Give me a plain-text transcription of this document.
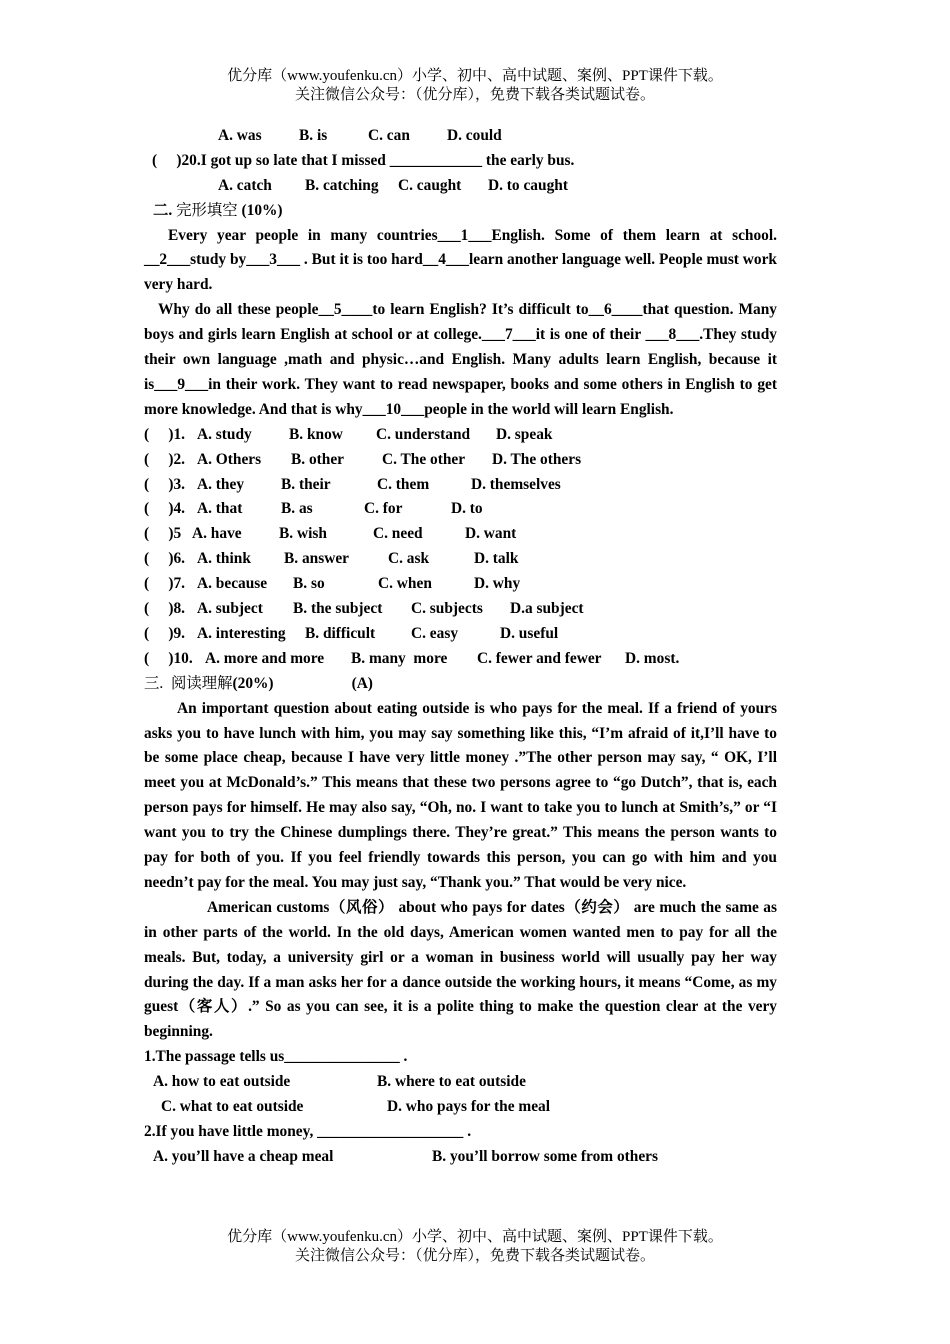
优分库（www.youfenku.cn）小学、初中、高中试题、案例、PPT课件下载。
关注微信公众号：（优分库），免费下载各类试题试卷。
A. was B. is	C. can D. could
(     )20.I got up so late that I missed ____________ the early bus.
A. catch B. catching C. caught D. to caught
二. 完形填空 (10%)
Every year people in many countries___1___English. Some of them learn at school. __2___study by___3___ . But it is too hard__4___learn another language well. People must work very hard.
Why do all these people__5____to learn English? It’s difficult to__6____that question. Many boys and girls learn English at school or at college.___7___it is one of their ___8___.They study their own language ,math and physic…and English. Many adults learn English, because it is___9___in their work. They want to read newspaper, books and some others in English to get more knowledge. And that is why___10___people in the world will learn English.
(     )1. A. study B. know C. understand D. speak
(     )2. A. Others B. other C. The other D. The others
(     )3. A. they B. their	C. them	D. themselves
(     )4. A. that	B. as	C. for	D. to
(     )5 A. have B. wish	C. need	D. want
(     )6. A. think B. answer	C. ask	D. talk
(     )7. A. because B. so	C. when	D. why
(     )8. A. subject B. the subject C. subjects D.a subject
(     )9. A. interesting B. difficult C. easy	D. useful
(     )10. A. more and more B. many  more C. fewer and fewer D. most.
三.  阅读理解(20%)	(A)
An important question about eating outside is who pays for the meal. If a friend of yours asks you to have lunch with him, you may say something like this, “I’m afraid of it,I’ll have to be some place cheap, because I have very little money .”The other person may say, “ OK, I’ll meet you at McDonald’s.” This means that these two persons agree to “go Dutch”, that is, each person pays for himself. He may also say, “Oh, no. I want to take you to lunch at Smith’s,” or “I want you to try the Chinese dumplings there. They’re great.” This means the person wants to pay for both of you. If you feel friendly towards this person, you can go with him and you needn’t pay for the meal. You may just say, “Thank you.” That would be very nice.
American customs（风俗） about who pays for dates（约会） are much the same as in other parts of the world. In the old days, American women wanted men to pay for all the meals. But, today, a university girl or a woman in business world will usually pay her way during the day. If a man asks her for a dance outside the working hours, it means “Come, as my guest（客人）.” So as you can see, it is a polite thing to make the question clear at the very beginning.
1.The passage tells us_______________ .
A. how to eat outside	B. where to eat outside
C. what to eat outside	D. who pays for the meal
2.If you have little money, ___________________ .
A. you’ll have a cheap meal	B. you’ll borrow some from others
优分库（www.youfenku.cn）小学、初中、高中试题、案例、PPT课件下载。
关注微信公众号：（优分库），免费下载各类试题试卷。
